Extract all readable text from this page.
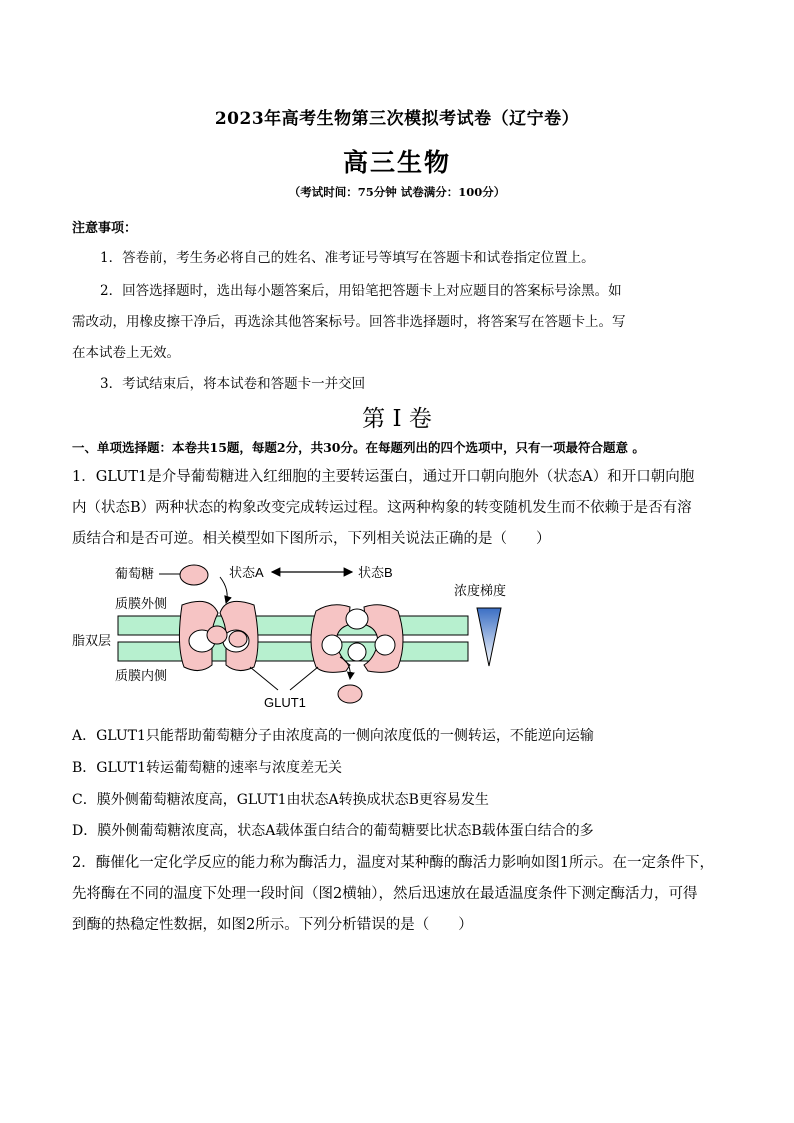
2023年高考生物第三次模拟考试卷（辽宁卷）
高三生物
（考试时间：75分钟 试卷满分：100分）
注意事项：
1．答卷前，考生务必将自己的姓名、准考证号等填写在答题卡和试卷指定位置上。
2．回答选择题时，选出每小题答案后，用铅笔把答题卡上对应题目的答案标号涂黑。如
需改动，用橡皮擦干净后，再选涂其他答案标号。回答非选择题时，将答案写在答题卡上。写
在本试卷上无效。
3．考试结束后，将本试卷和答题卡一并交回
第 I 卷
一、单项选择题：本卷共15题，每题2分，共30分。在每题列出的四个选项中，只有一项最符合题意 。
1．GLUT1是介导葡萄糖进入红细胞的主要转运蛋白，通过开口朝向胞外（状态A）和开口朝向胞
内（状态B）两种状态的构象改变完成转运过程。这两种构象的转变随机发生而不依赖于是否有溶
质结合和是否可逆。相关模型如下图所示，下列相关说法正确的是（　　）
葡萄糖	状态A	状态B
质膜外侧
脂双层
质膜内侧
GLUT1
浓度梯度
A．GLUT1只能帮助葡萄糖分子由浓度高的一侧向浓度低的一侧转运，不能逆向运输
B．GLUT1转运葡萄糖的速率与浓度差无关
C．膜外侧葡萄糖浓度高，GLUT1由状态A转换成状态B更容易发生
D．膜外侧葡萄糖浓度高，状态A载体蛋白结合的葡萄糖要比状态B载体蛋白结合的多
2．酶催化一定化学反应的能力称为酶活力，温度对某种酶的酶活力影响如图1所示。在一定条件下，
先将酶在不同的温度下处理一段时间（图2横轴），然后迅速放在最适温度条件下测定酶活力，可得
到酶的热稳定性数据，如图2所示。下列分析错误的是（　　）
